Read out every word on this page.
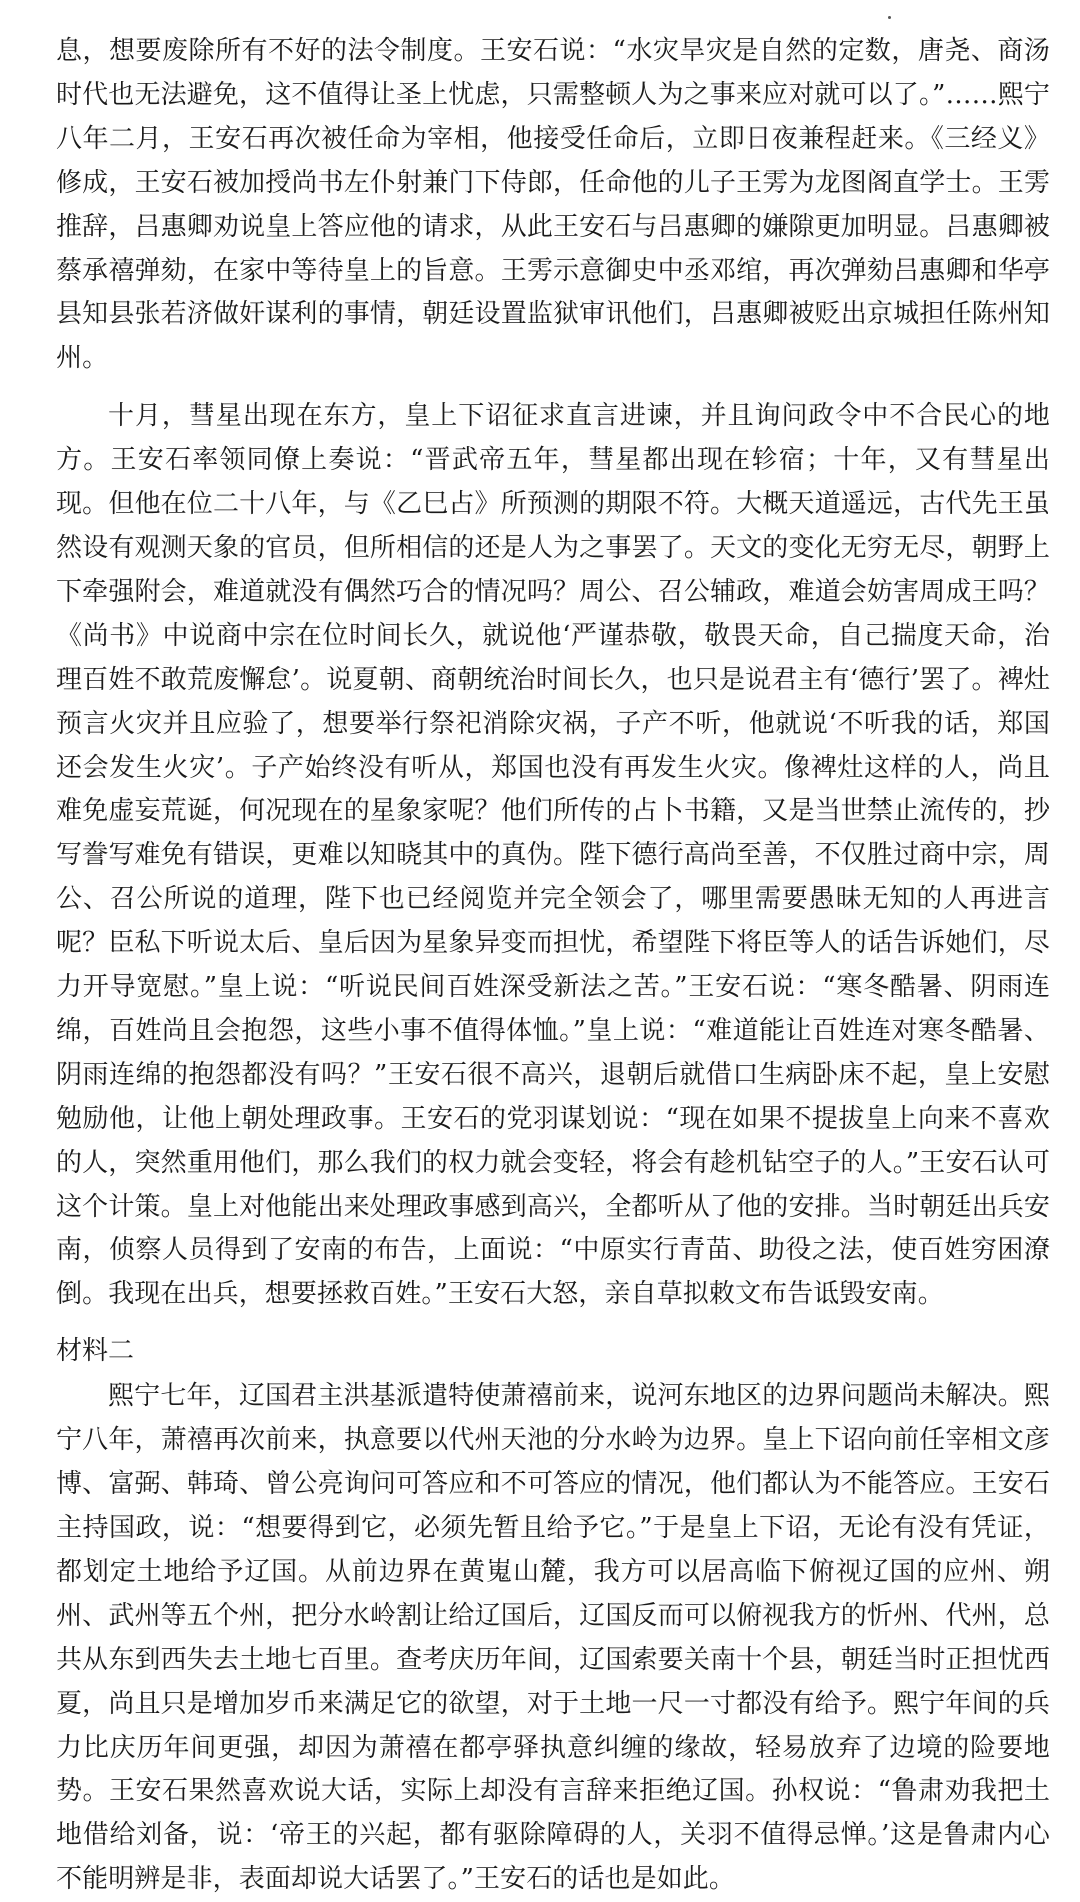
息，想要废除所有不好的法令制度。王安石说：“水灾旱灾是自然的定数，唐尧、商汤时代也无法避免，这不值得让圣上忧虑，只需整顿人为之事来应对就可以了。”……熙宁八年二月，王安石再次被任命为宰相，他接受任命后，立即日夜兼程赶来。《三经义》修成，王安石被加授尚书左仆射兼门下侍郎，任命他的儿子王雱为龙图阁直学士。王雱推辞，吕惠卿劝说皇上答应他的请求，从此王安石与吕惠卿的嫌隙更加明显。吕惠卿被蔡承禧弹劾，在家中等待皇上的旨意。王雱示意御史中丞邓绾，再次弹劾吕惠卿和华亭县知县张若济做奸谋利的事情，朝廷设置监狱审讯他们，吕惠卿被贬出京城担任陈州知州。

十月，彗星出现在东方，皇上下诏征求直言进谏，并且询问政令中不合民心的地方。王安石率领同僚上奏说：“晋武帝五年，彗星都出现在轸宿；十年，又有彗星出现。但他在位二十八年，与《乙巳占》所预测的期限不符。大概天道遥远，古代先王虽然设有观测天象的官员，但所相信的还是人为之事罢了。天文的变化无穷无尽，朝野上下牵强附会，难道就没有偶然巧合的情况吗？周公、召公辅政，难道会妨害周成王吗？《尚书》中说商中宗在位时间长久，就说他‘严谨恭敬，敬畏天命，自己揣度天命，治理百姓不敢荒废懈怠’。说夏朝、商朝统治时间长久，也只是说君主有‘德行’罢了。裨灶预言火灾并且应验了，想要举行祭祀消除灾祸，子产不听，他就说‘不听我的话，郑国还会发生火灾’。子产始终没有听从，郑国也没有再发生火灾。像裨灶这样的人，尚且难免虚妄荒诞，何况现在的星象家呢？他们所传的占卜书籍，又是当世禁止流传的，抄写誊写难免有错误，更难以知晓其中的真伪。陛下德行高尚至善，不仅胜过商中宗，周公、召公所说的道理，陛下也已经阅览并完全领会了，哪里需要愚昧无知的人再进言呢？臣私下听说太后、皇后因为星象异变而担忧，希望陛下将臣等人的话告诉她们，尽力开导宽慰。”皇上说：“听说民间百姓深受新法之苦。”王安石说：“寒冬酷暑、阴雨连绵，百姓尚且会抱怨，这些小事不值得体恤。”皇上说：“难道能让百姓连对寒冬酷暑、阴雨连绵的抱怨都没有吗？”王安石很不高兴，退朝后就借口生病卧床不起，皇上安慰勉励他，让他上朝处理政事。王安石的党羽谋划说：“现在如果不提拔皇上向来不喜欢的人，突然重用他们，那么我们的权力就会变轻，将会有趁机钻空子的人。”王安石认可这个计策。皇上对他能出来处理政事感到高兴，全都听从了他的安排。当时朝廷出兵安南，侦察人员得到了安南的布告，上面说：“中原实行青苗、助役之法，使百姓穷困潦倒。我现在出兵，想要拯救百姓。”王安石大怒，亲自草拟敕文布告诋毁安南。

材料二

熙宁七年，辽国君主洪基派遣特使萧禧前来，说河东地区的边界问题尚未解决。熙宁八年，萧禧再次前来，执意要以代州天池的分水岭为边界。皇上下诏向前任宰相文彦博、富弼、韩琦、曾公亮询问可答应和不可答应的情况，他们都认为不能答应。王安石主持国政，说：“想要得到它，必须先暂且给予它。”于是皇上下诏，无论有没有凭证，都划定土地给予辽国。从前边界在黄嵬山麓，我方可以居高临下俯视辽国的应州、朔州、武州等五个州，把分水岭割让给辽国后，辽国反而可以俯视我方的忻州、代州，总共从东到西失去土地七百里。查考庆历年间，辽国索要关南十个县，朝廷当时正担忧西夏，尚且只是增加岁币来满足它的欲望，对于土地一尺一寸都没有给予。熙宁年间的兵力比庆历年间更强，却因为萧禧在都亭驿执意纠缠的缘故，轻易放弃了边境的险要地势。王安石果然喜欢说大话，实际上却没有言辞来拒绝辽国。孙权说：“鲁肃劝我把土地借给刘备，说：‘帝王的兴起，都有驱除障碍的人，关羽不值得忌惮。’这是鲁肃内心不能明辨是非，表面却说大话罢了。”王安石的话也是如此。
